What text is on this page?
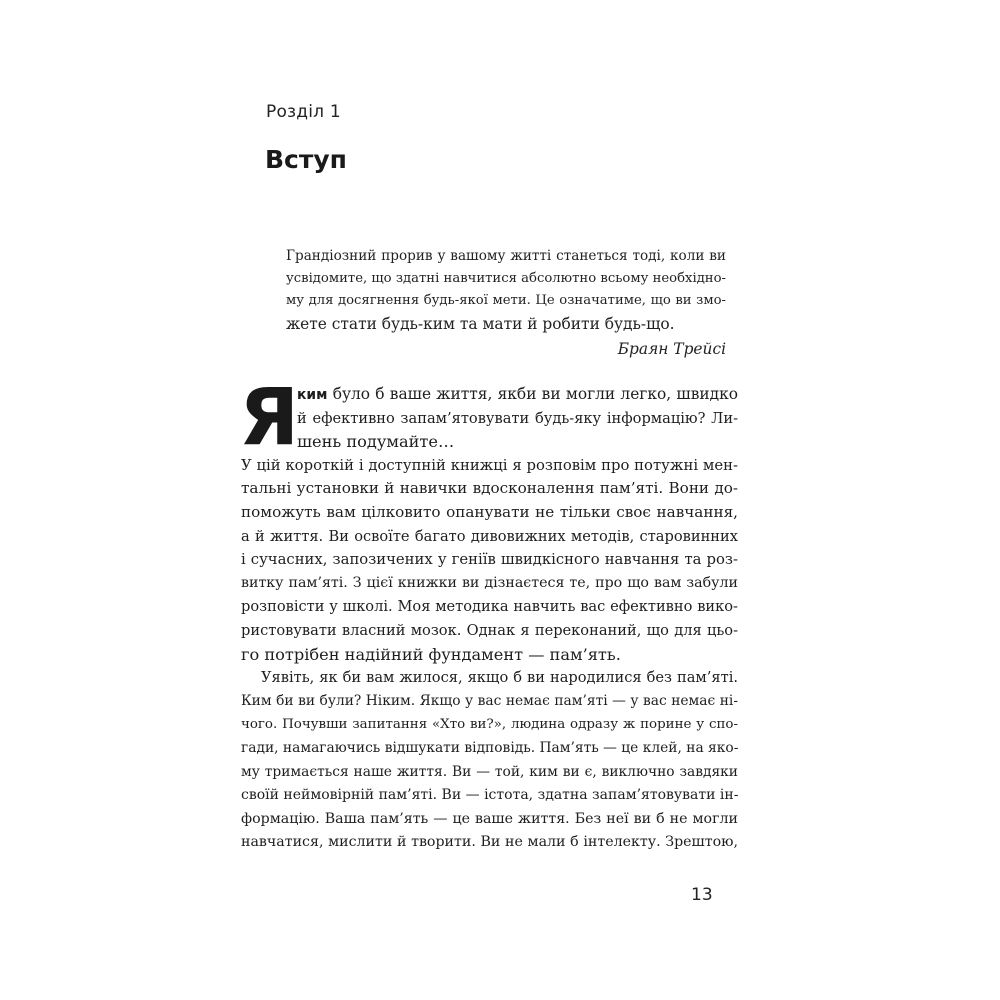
Розділ 1
Вступ
Грандіозний прорив у вашому житті станеться тоді, коли ви
усвідомите, що здатні навчитися абсолютно всьому необхідно-
му для досягнення будь-якої мети. Це означатиме, що ви змо-
жете стати будь-ким та мати й робити будь-що.
Браян Трейсі
Я
ким було б ваше життя, якби ви могли легко, швидко
й ефективно запам’ятовувати будь-яку інформацію? Ли-
шень подумайте…
У цій короткій і доступній книжці я розповім про потужні мен-
тальні установки й навички вдосконалення пам’яті. Вони до-
поможуть вам цілковито опанувати не тільки своє навчання,
а й життя. Ви освоїте багато дивовижних методів, старовинних
і сучасних, запозичених у геніїв швидкісного навчання та роз-
витку пам’яті. З цієї книжки ви дізнаєтеся те, про що вам забули
розповісти у школі. Моя методика навчить вас ефективно вико-
ристовувати власний мозок. Однак я переконаний, що для цьо-
го потрібен надійний фундамент — пам’ять.
Уявіть, як би вам жилося, якщо б ви народилися без пам’яті.
Ким би ви були? Ніким. Якщо у вас немає пам’яті — у вас немає ні-
чого. Почувши запитання «Хто ви?», людина одразу ж порине у спо-
гади, намагаючись відшукати відповідь. Пам’ять — це клей, на яко-
му тримається наше життя. Ви — той, ким ви є, виключно завдяки
своїй неймовірній пам’яті. Ви — істота, здатна запам’ятовувати ін-
формацію. Ваша пам’ять — це ваше життя. Без неї ви б не могли
навчатися, мислити й творити. Ви не мали б інтелекту. Зрештою,
13
